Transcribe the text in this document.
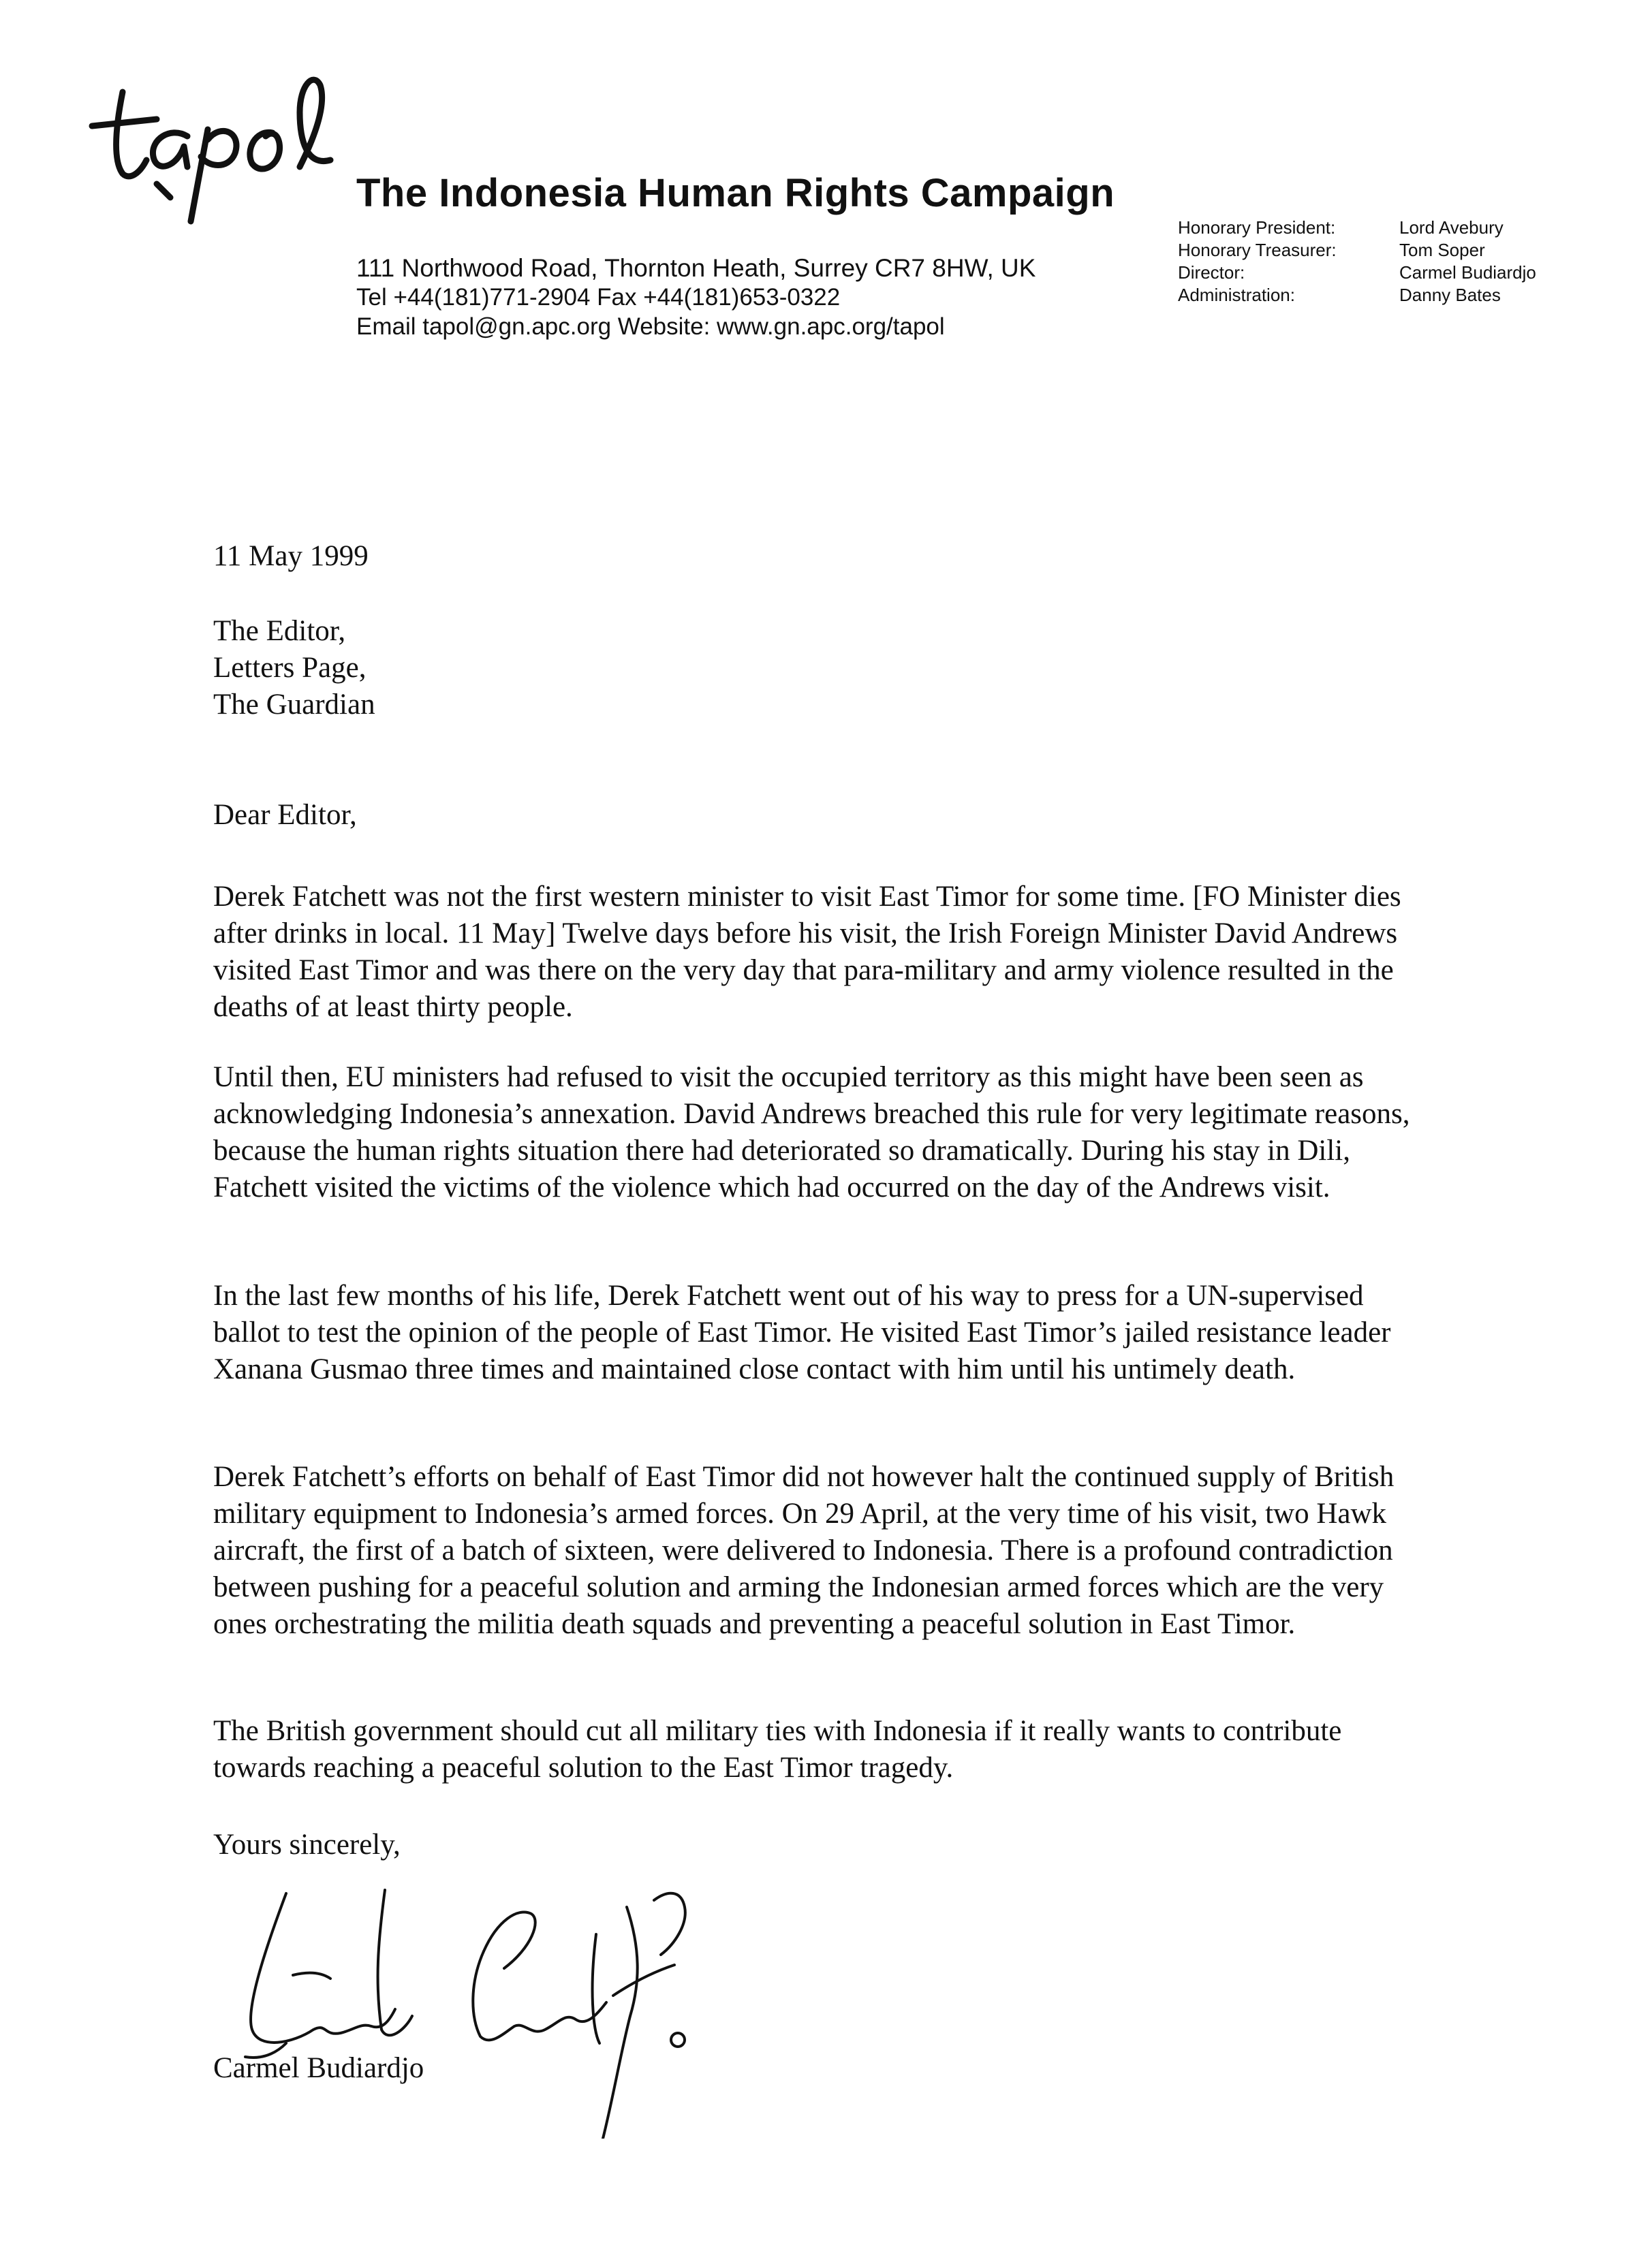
The Indonesia Human Rights Campaign
111 Northwood Road, Thornton Heath, Surrey CR7 8HW, UK
Tel +44(181)771-2904 Fax +44(181)653-0322
Email tapol@gn.apc.org Website: www.gn.apc.org/tapol
Honorary President:
Honorary Treasurer:
Director:
Administration:
Lord Avebury
Tom Soper
Carmel Budiardjo
Danny Bates
11 May 1999
The Editor,
Letters Page,
The Guardian
Dear Editor,
Derek Fatchett was not the first western minister to visit East Timor for some time. [FO Minister dies after drinks in local. 11 May] Twelve days before his visit, the Irish Foreign Minister David Andrews visited East Timor and was there on the very day that para-military and army violence resulted in the deaths of at least thirty people.
Until then, EU ministers had refused to visit the occupied territory as this might have been seen as acknowledging Indonesia’s annexation. David Andrews breached this rule for very legitimate reasons, because the human rights situation there had deteriorated so dramatically. During his stay in Dili, Fatchett visited the victims of the violence which had occurred on the day of the Andrews visit.
In the last few months of his life, Derek Fatchett went out of his way to press for a UN-supervised ballot to test the opinion of the people of East Timor. He visited East Timor’s jailed resistance leader Xanana Gusmao three times and maintained close contact with him until his untimely death.
Derek Fatchett’s efforts on behalf of East Timor did not however halt the continued supply of British military equipment to Indonesia’s armed forces. On 29 April, at the very time of his visit, two Hawk aircraft, the first of a batch of sixteen, were delivered to Indonesia. There is a profound contradiction between pushing for a peaceful solution and arming the Indonesian armed forces which are the very ones orchestrating the militia death squads and preventing a peaceful solution in East Timor.
The British government should cut all military ties with Indonesia if it really wants to contribute towards reaching a peaceful solution to the East Timor tragedy.
Yours sincerely,
Carmel Budiardjo
